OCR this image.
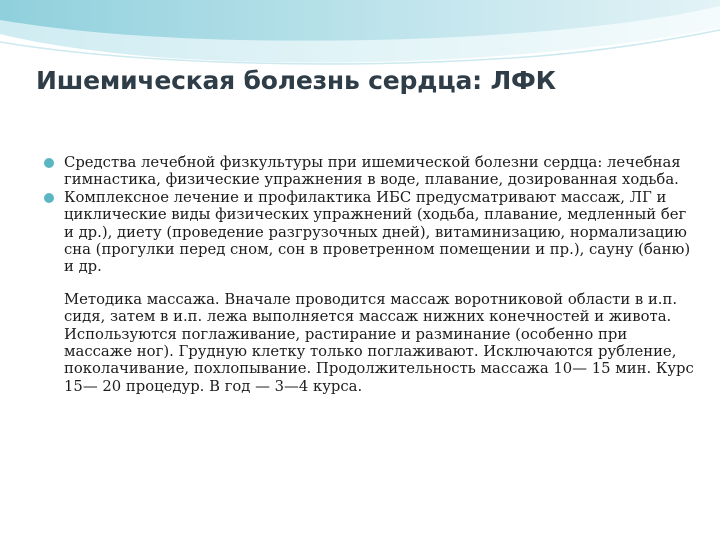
Ишемическая болезнь сердца: ЛФК
Средства лечебной физкультуры при ишемической болезни сердца: лечебная гимнастика, физические упражнения в воде, плавание, дозированная ходьба.
Комплексное лечение и профилактика ИБС предусматривают массаж, ЛГ и циклические виды физических упражнений (ходьба, плавание, медленный бег и др.), диету (проведение разгрузочных дней), витаминизацию, нормализацию сна (прогулки перед сном, сон в проветренном помещении и пр.), сауну (баню) и др.
Методика массажа. Вначале проводится массаж воротниковой области в и.п. сидя, затем в и.п. лежа выполняется массаж нижних конечностей и живота. Используются поглаживание, растирание и разминание (особенно при массаже ног). Грудную клетку только поглаживают. Исключаются рубление, поколачивание, похлопывание. Продолжительность массажа 10— 15 мин. Курс 15— 20 процедур. В год — 3—4 курса.
